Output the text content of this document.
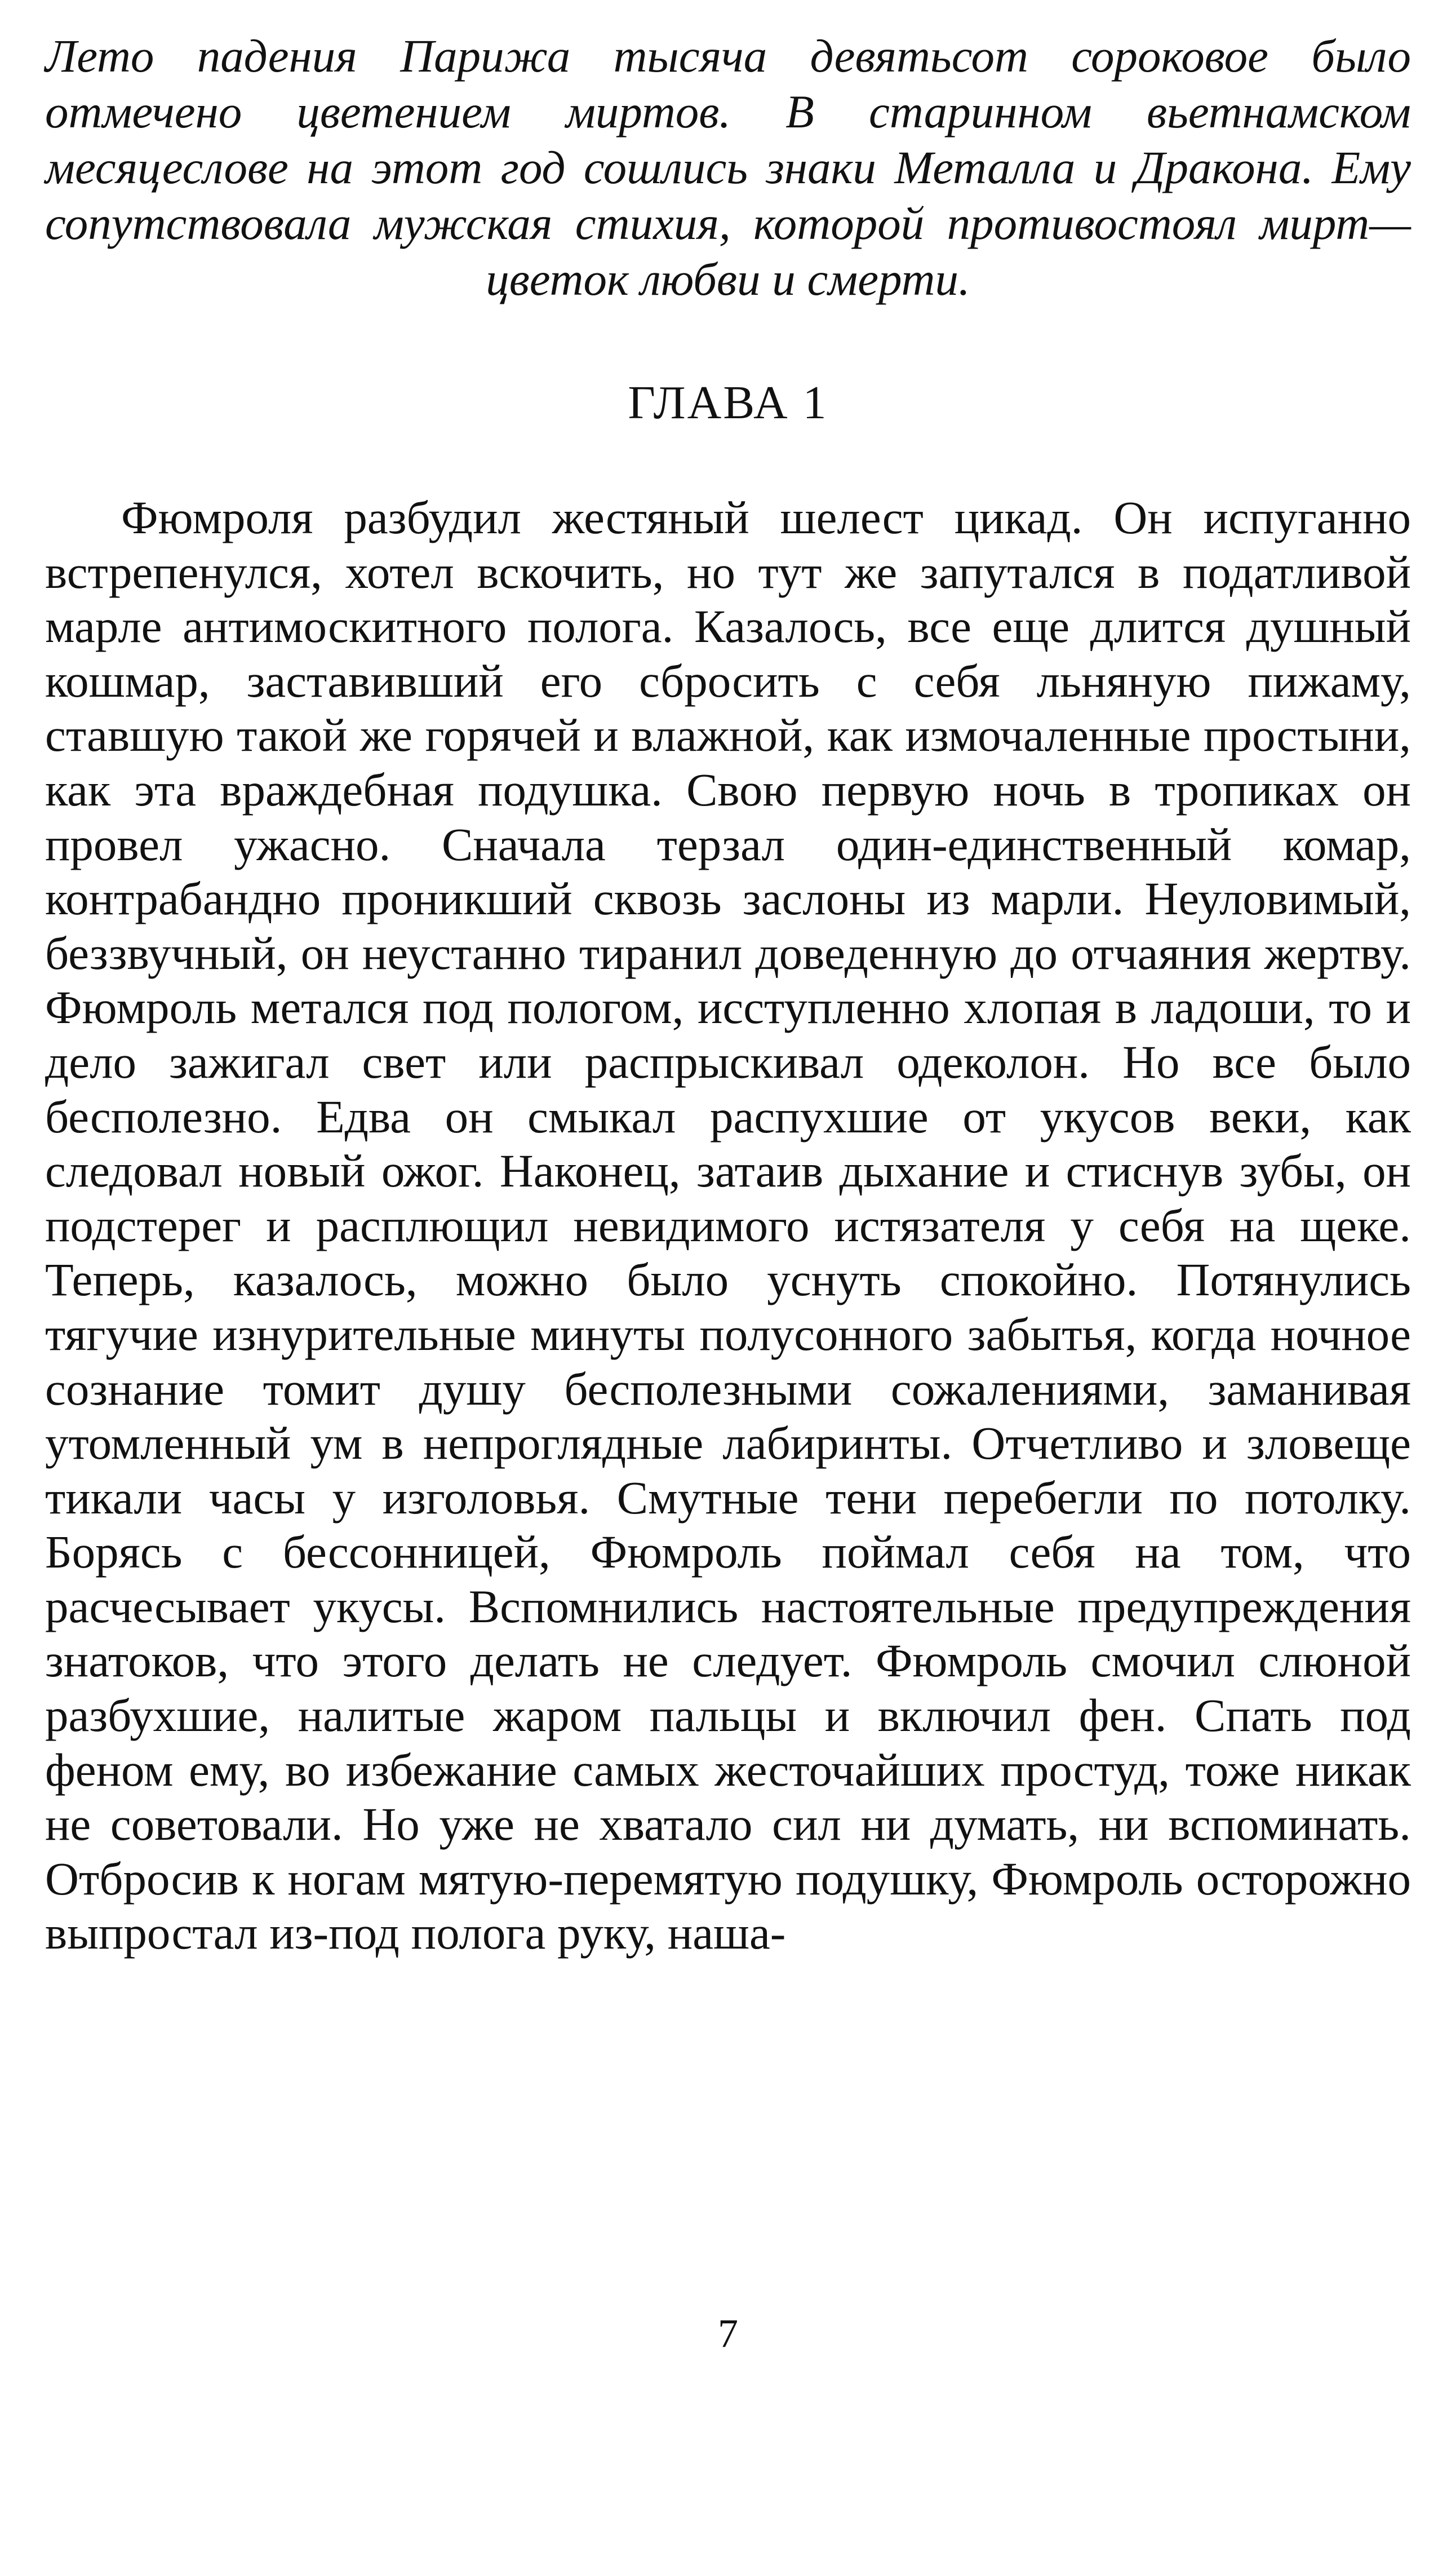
Лето падения Парижа тысяча девятьсот сороковое было отмечено цветением миртов. В старинном вьетнамском месяцеслове на этот год сошлись знаки Металла и Дракона. Ему сопутствовала мужская стихия, которой противостоял мирт—цветок любви и смерти.

ГЛАВА 1

Фюмроля разбудил жестяный шелест цикад. Он испуганно встрепенулся, хотел вскочить, но тут же запутался в податливой марле антимоскитного полога. Казалось, все еще длится душный кошмар, заставивший его сбросить с себя льняную пижаму, ставшую такой же горячей и влажной, как измочаленные простыни, как эта враждебная подушка. Свою первую ночь в тропиках он провел ужасно. Сначала терзал один-единственный комар, контрабандно проникший сквозь заслоны из марли. Неуловимый, беззвучный, он неустанно тиранил доведенную до отчаяния жертву. Фюмроль метался под пологом, исступленно хлопая в ладоши, то и дело зажигал свет или распрыскивал одеколон. Но все было бесполезно. Едва он смыкал распухшие от укусов веки, как следовал новый ожог. Наконец, затаив дыхание и стиснув зубы, он подстерег и расплющил невидимого истязателя у себя на щеке. Теперь, казалось, можно было уснуть спокойно. Потянулись тягучие изнурительные минуты полусонного забытья, когда ночное сознание томит душу бесполезными сожалениями, заманивая утомленный ум в непроглядные лабиринты. Отчетливо и зловеще тикали часы у изголовья. Смутные тени перебегли по потолку. Борясь с бессонницей, Фюмроль поймал себя на том, что расчесывает укусы. Вспомнились настоятельные предупреждения знатоков, что этого делать не следует. Фюмроль смочил слюной разбухшие, налитые жаром пальцы и включил фен. Спать под феном ему, во избежание самых жесточайших простуд, тоже никак не советовали. Но уже не хватало сил ни думать, ни вспоминать. Отбросив к ногам мятую-перемятую подушку, Фюмроль осторожно выпростал из-под полога руку, наша-

7
